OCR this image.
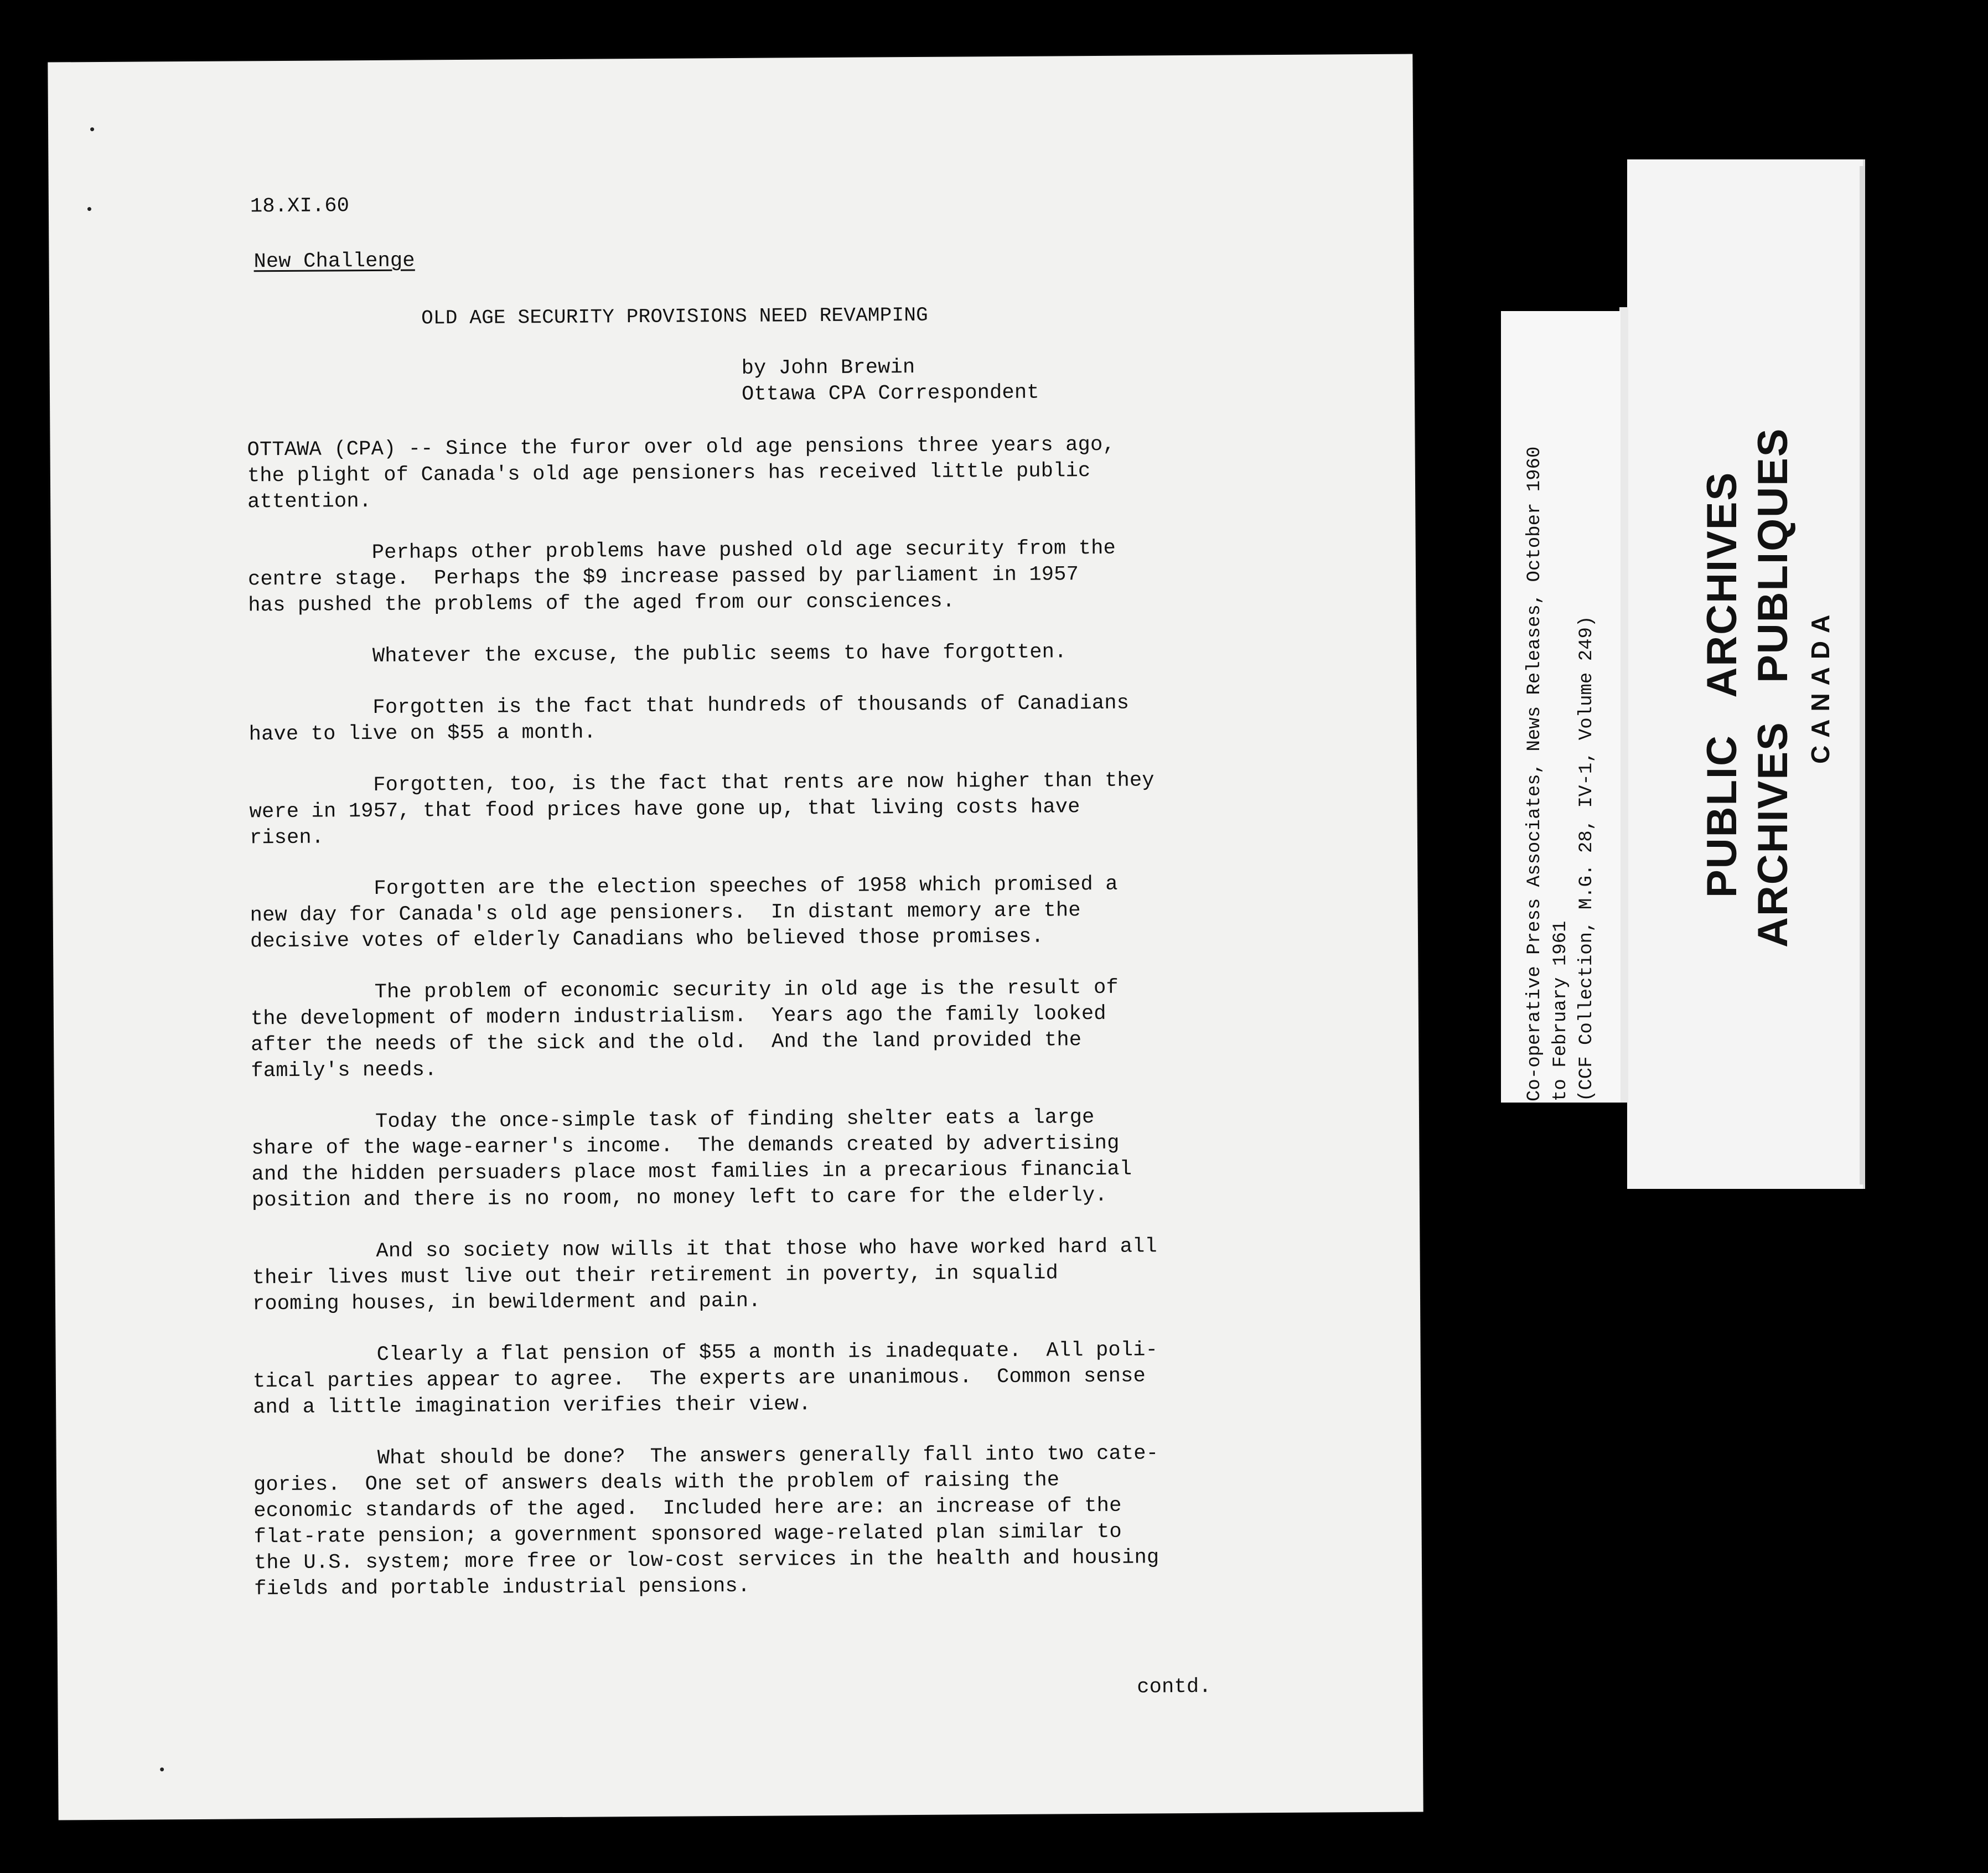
18.XI.60
New Challenge
OLD AGE SECURITY PROVISIONS NEED REVAMPING
by John Brewin
Ottawa CPA Correspondent
OTTAWA (CPA) -- Since the furor over old age pensions three years ago,
the plight of Canada's old age pensioners has received little public
attention.
Perhaps other problems have pushed old age security from the
centre stage.  Perhaps the $9 increase passed by parliament in 1957
has pushed the problems of the aged from our consciences.
Whatever the excuse, the public seems to have forgotten.
Forgotten is the fact that hundreds of thousands of Canadians
have to live on $55 a month.
Forgotten, too, is the fact that rents are now higher than they
were in 1957, that food prices have gone up, that living costs have
risen.
Forgotten are the election speeches of 1958 which promised a
new day for Canada's old age pensioners.  In distant memory are the
decisive votes of elderly Canadians who believed those promises.
The problem of economic security in old age is the result of
the development of modern industrialism.  Years ago the family looked
after the needs of the sick and the old.  And the land provided the
family's needs.
Today the once-simple task of finding shelter eats a large
share of the wage-earner's income.  The demands created by advertising
and the hidden persuaders place most families in a precarious financial
position and there is no room, no money left to care for the elderly.
And so society now wills it that those who have worked hard all
their lives must live out their retirement in poverty, in squalid
rooming houses, in bewilderment and pain.
Clearly a flat pension of $55 a month is inadequate.  All poli-
tical parties appear to agree.  The experts are unanimous.  Common sense
and a little imagination verifies their view.
What should be done?  The answers generally fall into two cate-
gories.  One set of answers deals with the problem of raising the
economic standards of the aged.  Included here are: an increase of the
flat-rate pension; a government sponsored wage-related plan similar to
the U.S. system; more free or low-cost services in the health and housing
fields and portable industrial pensions.
contd.
Co-operative Press Associates, News Releases, October 1960
to February 1961
(CCF Collection, M.G. 28, IV-1, Volume 249) PUBLIC   ARCHIVES ARCHIVES   PUBLIQUES CANADA
